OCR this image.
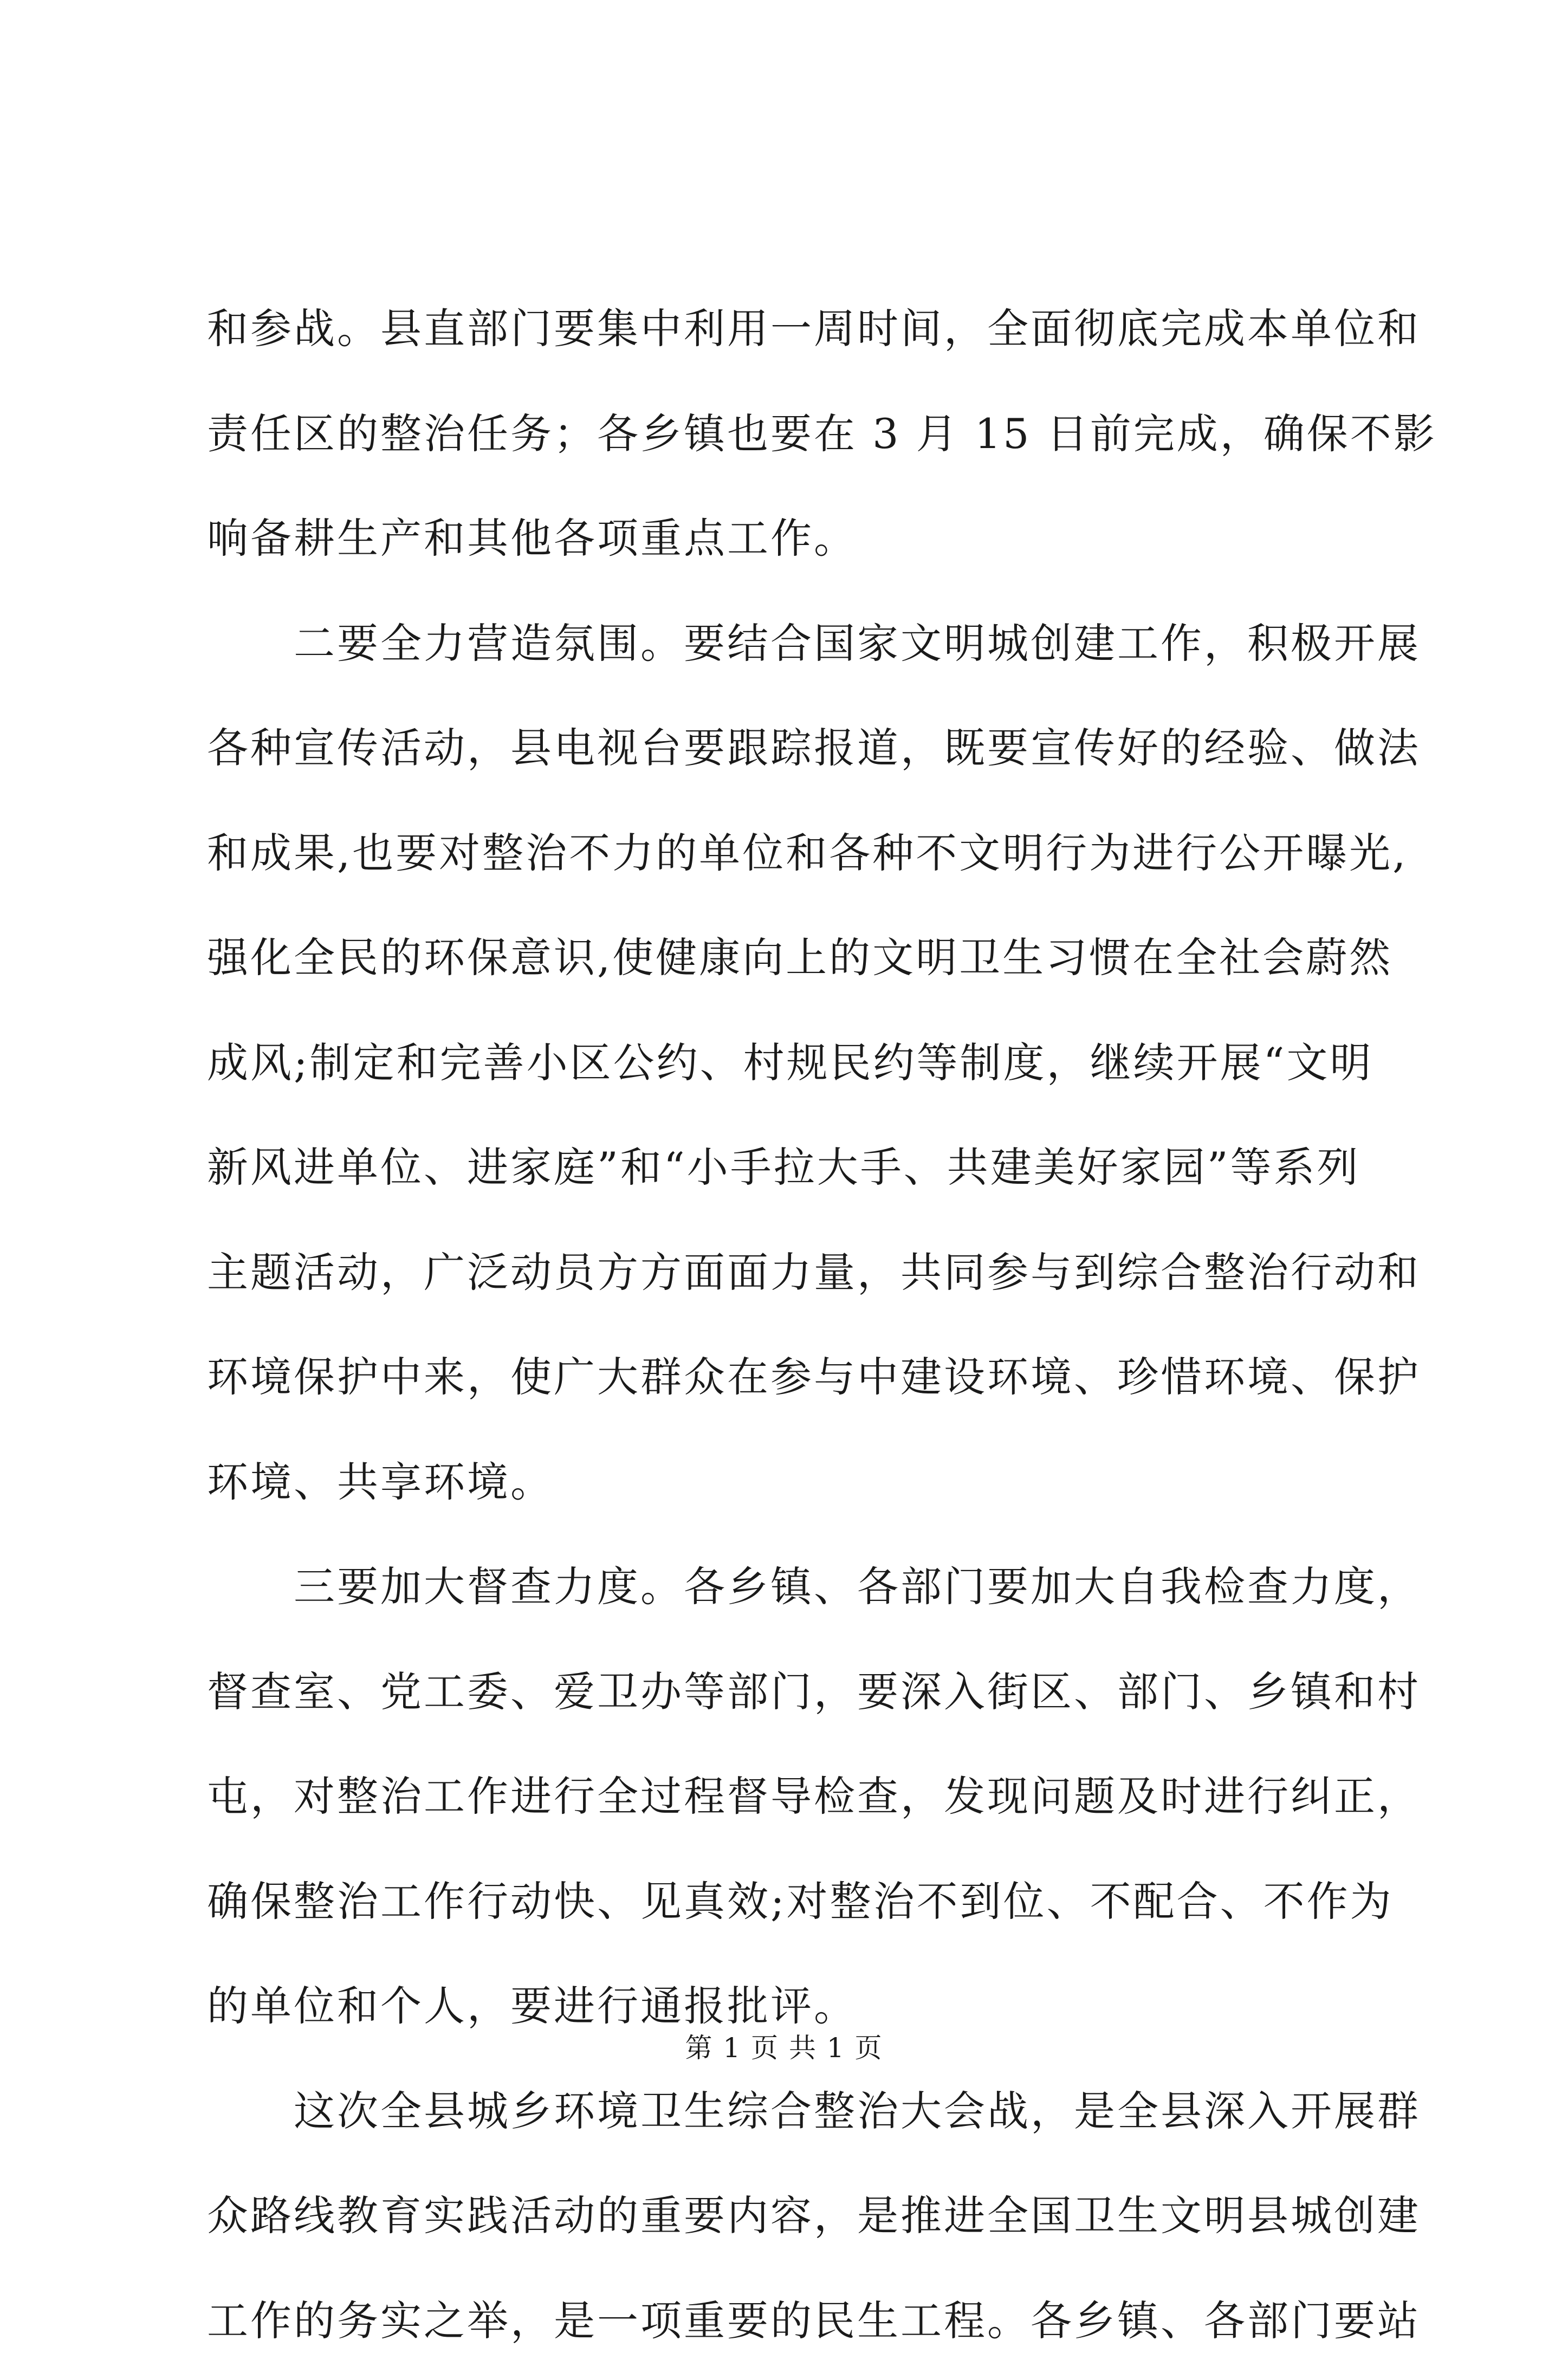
和参战。县直部门要集中利用一周时间，全面彻底完成本单位和
责任区的整治任务；各乡镇也要在 3 月 15 日前完成，确保不影
响备耕生产和其他各项重点工作。
　　二要全力营造氛围。要结合国家文明城创建工作，积极开展
各种宣传活动，县电视台要跟踪报道，既要宣传好的经验、做法
和成果,也要对整治不力的单位和各种不文明行为进行公开曝光,
强化全民的环保意识,使健康向上的文明卫生习惯在全社会蔚然
成风;制定和完善小区公约、村规民约等制度，继续开展“文明
新风进单位、进家庭”和“小手拉大手、共建美好家园”等系列
主题活动，广泛动员方方面面力量，共同参与到综合整治行动和
环境保护中来，使广大群众在参与中建设环境、珍惜环境、保护
环境、共享环境。
　　三要加大督查力度。各乡镇、各部门要加大自我检查力度，
督查室、党工委、爱卫办等部门，要深入街区、部门、乡镇和村
屯，对整治工作进行全过程督导检查，发现问题及时进行纠正，
确保整治工作行动快、见真效;对整治不到位、不配合、不作为
的单位和个人，要进行通报批评。
　　这次全县城乡环境卫生综合整治大会战，是全县深入开展群
众路线教育实践活动的重要内容，是推进全国卫生文明县城创建
工作的务实之举，是一项重要的民生工程。各乡镇、各部门要站
第 1 页 共 1 页
